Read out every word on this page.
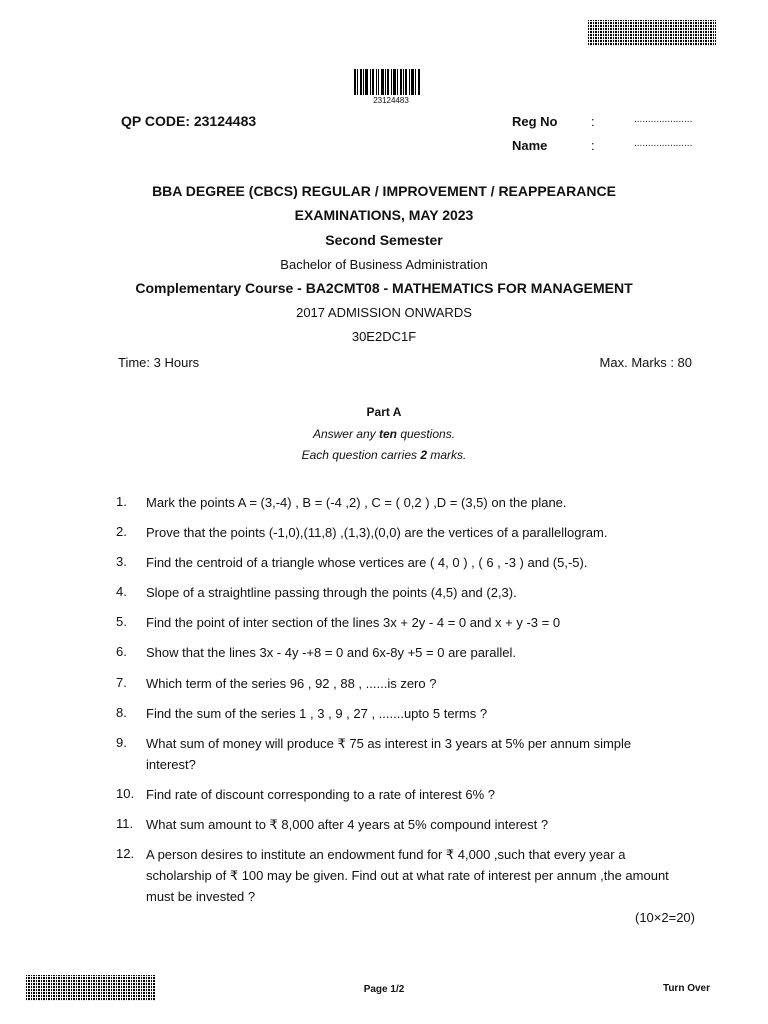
23124483
QP CODE: 23124483	Reg No	:	.....................
Name	:	.....................
BBA DEGREE (CBCS) REGULAR / IMPROVEMENT / REAPPEARANCE
EXAMINATIONS, MAY 2023
Second Semester
Bachelor of Business Administration
Complementary Course - BA2CMT08 - MATHEMATICS FOR MANAGEMENT
2017 ADMISSION ONWARDS
30E2DC1F
Time: 3 Hours	Max. Marks : 80
Part A
Answer any ten questions.
Each question carries 2 marks.
1.	Mark the points A = (3,-4) , B = (-4 ,2) , C = ( 0,2 ) ,D = (3,5) on the plane.
2.	Prove that the points (-1,0),(11,8) ,(1,3),(0,0) are the vertices of a parallellogram.
3.	Find the centroid of a triangle whose vertices are ( 4, 0 ) , ( 6 , -3 ) and (5,-5).
4.	Slope of a straightline passing through the points (4,5) and (2,3).
5.	Find the point of inter section of the lines 3x + 2y - 4 = 0 and x + y -3 = 0
6.	Show that the lines 3x - 4y -+8 = 0 and 6x-8y +5 = 0 are parallel.
7.	Which term of the series 96 , 92 , 88 , ......is zero ?
8.	Find the sum of the series 1 , 3 , 9 , 27 , .......upto 5 terms ?
9.	What sum of money will produce ₹ 75 as interest in 3 years at 5% per annum simple interest?
10. Find rate of discount corresponding to a rate of interest 6% ?
11. What sum amount to ₹ 8,000 after 4 years at 5% compound interest ?
12. A person desires to institute an endowment fund for ₹ 4,000 ,such that every year a scholarship of ₹ 100 may be given. Find out at what rate of interest per annum ,the amount must be invested ?
(10×2=20)
Page 1/2	Turn Over
